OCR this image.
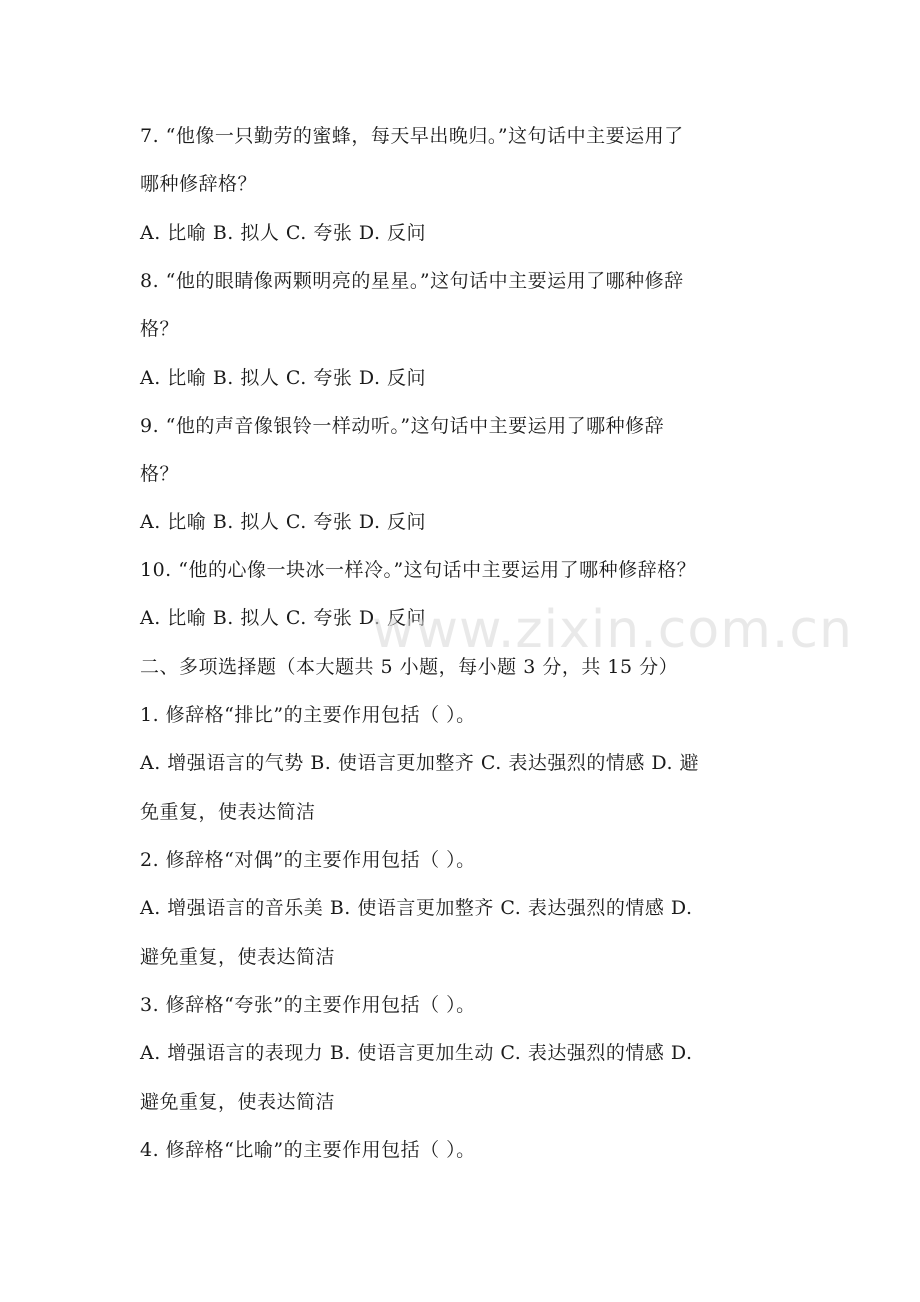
7. “他像一只勤劳的蜜蜂，每天早出晚归。”这句话中主要运用了
哪种修辞格？
A. 比喻 B. 拟人 C. 夸张 D. 反问
8. “他的眼睛像两颗明亮的星星。”这句话中主要运用了哪种修辞
格？
A. 比喻 B. 拟人 C. 夸张 D. 反问
9. “他的声音像银铃一样动听。”这句话中主要运用了哪种修辞
格？
A. 比喻 B. 拟人 C. 夸张 D. 反问
10. “他的心像一块冰一样冷。”这句话中主要运用了哪种修辞格？
A. 比喻 B. 拟人 C. 夸张 D. 反问
二、多项选择题（本大题共 5 小题，每小题 3 分，共 15 分）
1. 修辞格“排比”的主要作用包括（ ）。
A. 增强语言的气势 B. 使语言更加整齐 C. 表达强烈的情感 D. 避
免重复，使表达简洁
2. 修辞格“对偶”的主要作用包括（ ）。
A. 增强语言的音乐美 B. 使语言更加整齐 C. 表达强烈的情感 D.
避免重复，使表达简洁
3. 修辞格“夸张”的主要作用包括（ ）。
A. 增强语言的表现力 B. 使语言更加生动 C. 表达强烈的情感 D.
避免重复，使表达简洁
4. 修辞格“比喻”的主要作用包括（ ）。
www.zixin.com.cn
